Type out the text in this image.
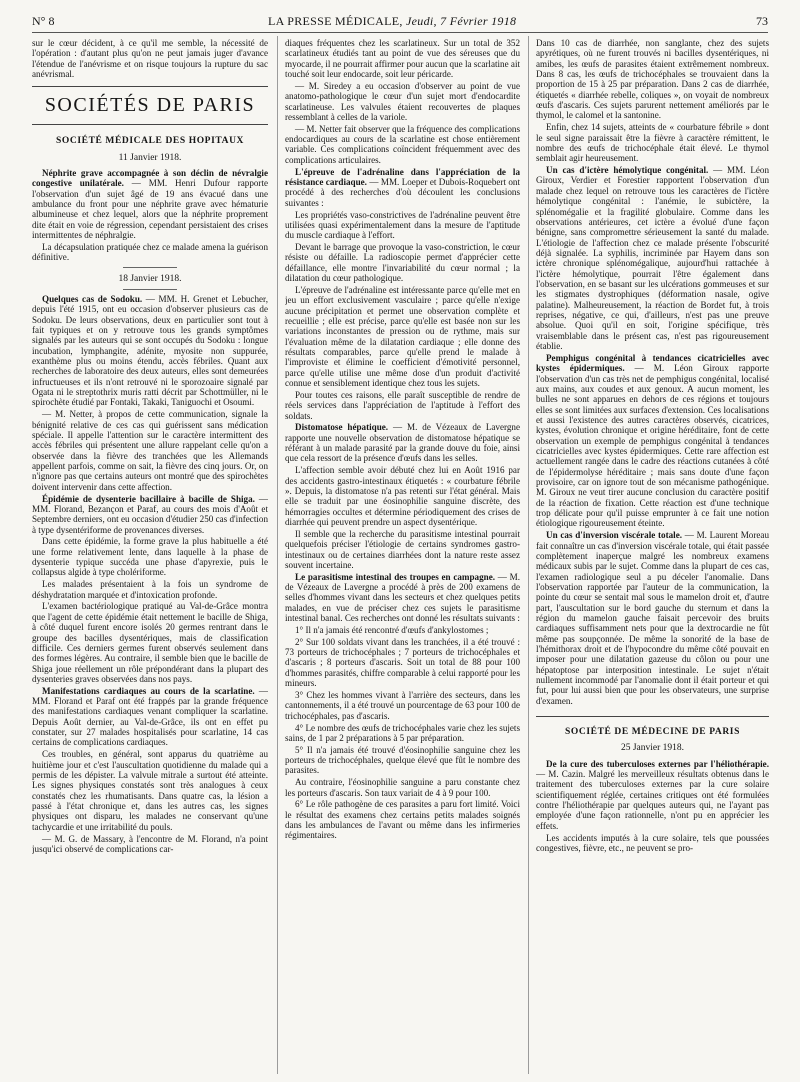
N° 8	LA PRESSE MÉDICALE, Jeudi, 7 Février 1918	73

sur le cœur décident, à ce qu'il me semble, la nécessité de l'opération : d'autant plus qu'on ne peut jamais juger d'avance l'étendue de l'anévrisme et on risque toujours la rupture du sac anévrismal.

SOCIÉTÉS DE PARIS
SOCIÉTÉ MÉDICALE DES HOPITAUX
11 Janvier 1918.

Néphrite grave accompagnée à son déclin de névralgie congestive unilatérale. — MM. Henri Dufour rapporte l'observation d'un sujet âgé de 19 ans évacué dans une ambulance du front pour une néphrite grave avec hématurie albumineuse et chez lequel, alors que la néphrite proprement dite était en voie de régression, cependant persistaient des crises intermittentes de néphralgie.

La décapsulation pratiquée chez ce malade amena la guérison définitive.

18 Janvier 1918.

Quelques cas de Sodoku. — MM. H. Grenet et Lebucher, depuis l'été 1915, ont eu occasion d'observer plusieurs cas de Sodoku. De leurs observations, deux en particulier sont tout à fait typiques et on y retrouve tous les grands symptômes signalés par les auteurs qui se sont occupés du Sodoku : longue incubation, lymphangite, adénite, myosite non suppurée, exanthème plus ou moins étendu, accès fébriles. Quant aux recherches de laboratoire des deux auteurs, elles sont demeurées infructueuses et ils n'ont retrouvé ni le sporozoaire signalé par Ogata ni le streptothrix muris ratti décrit par Schottmüller, ni le spirochète étudié par Fontaki, Takaki, Taniguochi et Osoumi.

— M. Netter, à propos de cette communication, signale la bénignité relative de ces cas qui guérissent sans médication spéciale. Il appelle l'attention sur le caractère intermittent des accès fébriles qui présentent une allure rappelant celle qu'on a observée dans la fièvre des tranchées que les Allemands appellent parfois, comme on sait, la fièvre des cinq jours. Or, on n'ignore pas que certains auteurs ont montré que des spirochètes doivent intervenir dans cette affection.

Épidémie de dysenterie bacillaire à bacille de Shiga. — MM. Florand, Bezançon et Paraf, au cours des mois d'Août et Septembre derniers, ont eu occasion d'étudier 250 cas d'infection à type dysentériforme de provenances diverses.

Dans cette épidémie, la forme grave la plus habituelle a été une forme relativement lente, dans laquelle à la phase de dysenterie typique succéda une phase d'apyrexie, puis le collapsus algide à type cholériforme.

Les malades présentaient à la fois un syndrome de déshydratation marquée et d'intoxication profonde.

L'examen bactériologique pratiqué au Val-de-Grâce montra que l'agent de cette épidémie était nettement le bacille de Shiga, à côté duquel furent encore isolés 20 germes rentrant dans le groupe des bacilles dysentériques, mais de classification difficile. Ces derniers germes furent observés seulement dans des formes légères. Au contraire, il semble bien que le bacille de Shiga joue réellement un rôle prépondérant dans la plupart des dysenteries graves observées dans nos pays.

Manifestations cardiaques au cours de la scarlatine. — MM. Florand et Paraf ont été frappés par la grande fréquence des manifestations cardiaques venant compliquer la scarlatine. Depuis Août dernier, au Val-de-Grâce, ils ont en effet pu constater, sur 27 malades hospitalisés pour scarlatine, 14 cas certains de complications cardiaques.

Ces troubles, en général, sont apparus du quatrième au huitième jour et c'est l'auscultation quotidienne du malade qui a permis de les dépister. La valvule mitrale a surtout été atteinte. Les signes physiques constatés sont très analogues à ceux constatés chez les rhumatisants. Dans quatre cas, la lésion a passé à l'état chronique et, dans les autres cas, les signes physiques ont disparu, les malades ne conservant qu'une tachycardie et une irritabilité du pouls.

— M. G. de Massary, à l'encontre de M. Florand, n'a point jusqu'ici observé de complications car-

diaques fréquentes chez les scarlatineux. Sur un total de 352 scarlatineux étudiés tant au point de vue des séreuses que du myocarde, il ne pourrait affirmer pour aucun que la scarlatine ait touché soit leur endocarde, soit leur péricarde.

— M. Siredey a eu occasion d'observer au point de vue anatomo-pathologique le cœur d'un sujet mort d'endocardite scarlatineuse. Les valvules étaient recouvertes de plaques ressemblant à celles de la variole.

— M. Netter fait observer que la fréquence des complications endocardiques au cours de la scarlatine est chose entièrement variable. Ces complications coïncident fréquemment avec des complications articulaires.

L'épreuve de l'adrénaline dans l'appréciation de la résistance cardiaque. — MM. Loeper et Dubois-Roquebert ont procédé à des recherches d'où découlent les conclusions suivantes :

Les propriétés vaso-constrictives de l'adrénaline peuvent être utilisées quasi expérimentalement dans la mesure de l'aptitude du muscle cardiaque à l'effort.

Devant le barrage que provoque la vaso-constriction, le cœur résiste ou défaille. La radioscopie permet d'apprécier cette défaillance, elle montre l'invariabilité du cœur normal ; la dilatation du cœur pathologique.

L'épreuve de l'adrénaline est intéressante parce qu'elle met en jeu un effort exclusivement vasculaire ; parce qu'elle n'exige aucune précipitation et permet une observation complète et recueillie ; elle est précise, parce qu'elle est basée non sur les variations inconstantes de pression ou de rythme, mais sur l'évaluation même de la dilatation cardiaque ; elle donne des résultats comparables, parce qu'elle prend le malade à l'improviste et élimine le coefficient d'émotivité personnel, parce qu'elle utilise une même dose d'un produit d'activité connue et sensiblement identique chez tous les sujets.

Pour toutes ces raisons, elle paraît susceptible de rendre de réels services dans l'appréciation de l'aptitude à l'effort des soldats.

Distomatose hépatique. — M. de Vézeaux de Lavergne rapporte une nouvelle observation de distomatose hépatique se référant à un malade parasité par la grande douve du foie, ainsi que cela ressort de la présence d'œufs dans les selles.

L'affection semble avoir débuté chez lui en Août 1916 par des accidents gastro-intestinaux étiquetés : « courbature fébrile ». Depuis, la distomatose n'a pas retenti sur l'état général. Mais elle se traduit par une éosinophilie sanguine discrète, des hémorragies occultes et détermine périodiquement des crises de diarrhée qui peuvent prendre un aspect dysentérique.

Il semble que la recherche du parasitisme intestinal pourrait quelquefois préciser l'étiologie de certains syndromes gastro-intestinaux ou de certaines diarrhées dont la nature reste assez souvent incertaine.

Le parasitisme intestinal des troupes en campagne. — M. de Vézeaux de Lavergne a procédé à près de 200 examens de selles d'hommes vivant dans les secteurs et chez quelques petits malades, en vue de préciser chez ces sujets le parasitisme intestinal banal. Ces recherches ont donné les résultats suivants :

1° Il n'a jamais été rencontré d'œufs d'ankylostomes ;

2° Sur 100 soldats vivant dans les tranchées, il a été trouvé : 73 porteurs de trichocéphales ; 7 porteurs de trichocéphales et d'ascaris ; 8 porteurs d'ascaris. Soit un total de 88 pour 100 d'hommes parasités, chiffre comparable à celui rapporté pour les mineurs.

3° Chez les hommes vivant à l'arrière des secteurs, dans les cantonnements, il a été trouvé un pourcentage de 63 pour 100 de trichocéphales, pas d'ascaris.

4° Le nombre des œufs de trichocéphales varie chez les sujets sains, de 1 par 2 préparations à 5 par préparation.

5° Il n'a jamais été trouvé d'éosinophilie sanguine chez les porteurs de trichocéphales, quelque élevé que fût le nombre des parasites.

Au contraire, l'éosinophilie sanguine a paru constante chez les porteurs d'ascaris. Son taux variait de 4 à 9 pour 100.

6° Le rôle pathogène de ces parasites a paru fort limité. Voici le résultat des examens chez certains petits malades soignés dans les ambulances de l'avant ou même dans les infirmeries régimentaires.

Dans 10 cas de diarrhée, non sanglante, chez des sujets apyrétiques, où ne furent trouvés ni bacilles dysentériques, ni amibes, les œufs de parasites étaient extrêmement nombreux. Dans 8 cas, les œufs de trichocéphales se trouvaient dans la proportion de 15 à 25 par préparation. Dans 2 cas de diarrhée, étiquetés « diarrhée rebelle, coliques », on voyait de nombreux œufs d'ascaris. Ces sujets parurent nettement améliorés par le thymol, le calomel et la santonine.

Enfin, chez 14 sujets, atteints de « courbature fébrile » dont le seul signe paraissait être la fièvre à caractère rémittent, le nombre des œufs de trichocéphale était élevé. Le thymol semblait agir heureusement.

Un cas d'ictère hémolytique congénital. — MM. Léon Giroux, Verdier et Forestier rapportent l'observation d'un malade chez lequel on retrouve tous les caractères de l'ictère hémolytique congénital : l'anémie, le subictère, la splénomégalie et la fragilité globulaire. Comme dans les observations antérieures, cet ictère a évolué d'une façon bénigne, sans compromettre sérieusement la santé du malade. L'étiologie de l'affection chez ce malade présente l'obscurité déjà signalée. La syphilis, incriminée par Hayem dans son ictère chronique splénomégalique, aujourd'hui rattachée à l'ictère hémolytique, pourrait l'être également dans l'observation, en se basant sur les ulcérations gommeuses et sur les stigmates dystrophiques (déformation nasale, ogive palatine). Malheureusement, la réaction de Bordet fut, à trois reprises, négative, ce qui, d'ailleurs, n'est pas une preuve absolue. Quoi qu'il en soit, l'origine spécifique, très vraisemblable dans le présent cas, n'est pas rigoureusement établie.

Pemphigus congénital à tendances cicatricielles avec kystes épidermiques. — M. Léon Giroux rapporte l'observation d'un cas très net de pemphigus congénital, localisé aux mains, aux coudes et aux genoux. A aucun moment, les bulles ne sont apparues en dehors de ces régions et toujours elles se sont limitées aux surfaces d'extension. Ces localisations et aussi l'existence des autres caractères observés, cicatrices, kystes, évolution chronique et origine héréditaire, font de cette observation un exemple de pemphigus congénital à tendances cicatricielles avec kystes épidermiques. Cette rare affection est actuellement rangée dans le cadre des réactions cutanées à côté de l'épidermolyse héréditaire ; mais sans doute d'une façon provisoire, car on ignore tout de son mécanisme pathogénique. M. Giroux ne veut tirer aucune conclusion du caractère positif de la réaction de fixation. Cette réaction est d'une technique trop délicate pour qu'il puisse emprunter à ce fait une notion étiologique rigoureusement éteinte.

Un cas d'inversion viscérale totale. — M. Laurent Moreau fait connaître un cas d'inversion viscérale totale, qui était passée complètement inaperçue malgré les nombreux examens médicaux subis par le sujet. Comme dans la plupart de ces cas, l'examen radiologique seul a pu déceler l'anomalie. Dans l'observation rapportée par l'auteur de la communication, la pointe du cœur se sentait mal sous le mamelon droit et, d'autre part, l'auscultation sur le bord gauche du sternum et dans la région du mamelon gauche faisait percevoir des bruits cardiaques suffisamment nets pour que la dextrocardie ne fût même pas soupçonnée. De même la sonorité de la base de l'hémithorax droit et de l'hypocondre du même côté pouvait en imposer pour une dilatation gazeuse du côlon ou pour une hépatoptose par interposition intestinale. Le sujet n'était nullement incommodé par l'anomalie dont il était porteur et qui fut, pour lui aussi bien que pour les observateurs, une surprise d'examen.

SOCIÉTÉ DE MÉDECINE DE PARIS
25 Janvier 1918.

De la cure des tuberculoses externes par l'héliothérapie. — M. Cazin. Malgré les merveilleux résultats obtenus dans le traitement des tuberculoses externes par la cure solaire scientifiquement réglée, certaines critiques ont été formulées contre l'héliothérapie par quelques auteurs qui, ne l'ayant pas employée d'une façon rationnelle, n'ont pu en apprécier les effets.

Les accidents imputés à la cure solaire, tels que poussées congestives, fièvre, etc., ne peuvent se pro-
